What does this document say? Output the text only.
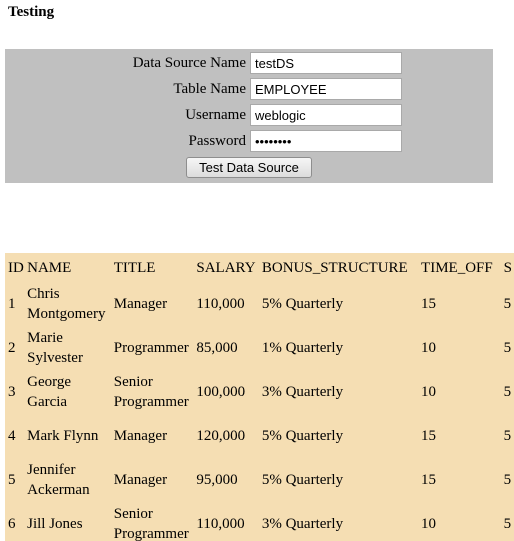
Testing
Data Source Name
testDS
Table Name
EMPLOYEE
Username
weblogic
Password
Test Data Source
ID	NAME	TITLE	SALARY	BONUS_STRUCTURE	TIME_OFF	S
1	Chris Montgomery	Manager	110,000	5% Quarterly	15	5
2	Marie Sylvester	Programmer	85,000	1% Quarterly	10	5
3	George Garcia	Senior Programmer	100,000	3% Quarterly	10	5
4	Mark Flynn	Manager	120,000	5% Quarterly	15	5
5	Jennifer Ackerman	Manager	95,000	5% Quarterly	15	5
6	Jill Jones	Senior Programmer	110,000	3% Quarterly	10	5
